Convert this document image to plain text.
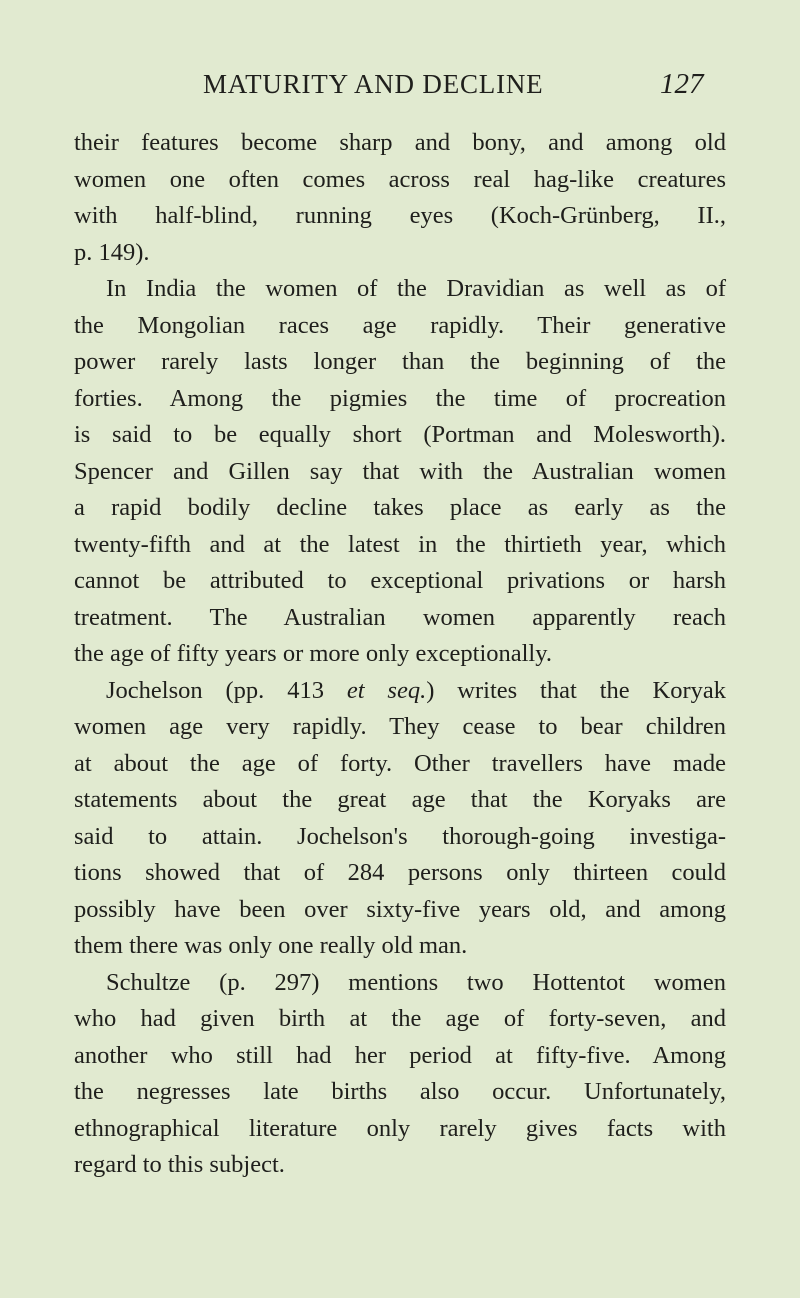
MATURITY AND DECLINE	127
their features become sharp and bony, and among old
women one often comes across real hag-like creatures
with half-blind, running eyes (Koch-Grünberg, II.,
p. 149).
In India the women of the Dravidian as well as of
the Mongolian races age rapidly. Their generative
power rarely lasts longer than the beginning of the
forties. Among the pigmies the time of procreation
is said to be equally short (Portman and Molesworth).
Spencer and Gillen say that with the Australian women
a rapid bodily decline takes place as early as the
twenty-fifth and at the latest in the thirtieth year, which
cannot be attributed to exceptional privations or harsh
treatment. The Australian women apparently reach
the age of fifty years or more only exceptionally.
Jochelson (pp. 413 et seq.) writes that the Koryak
women age very rapidly. They cease to bear children
at about the age of forty. Other travellers have made
statements about the great age that the Koryaks are
said to attain. Jochelson's thorough-going investiga-
tions showed that of 284 persons only thirteen could
possibly have been over sixty-five years old, and among
them there was only one really old man.
Schultze (p. 297) mentions two Hottentot women
who had given birth at the age of forty-seven, and
another who still had her period at fifty-five. Among
the negresses late births also occur. Unfortunately,
ethnographical literature only rarely gives facts with
regard to this subject.
